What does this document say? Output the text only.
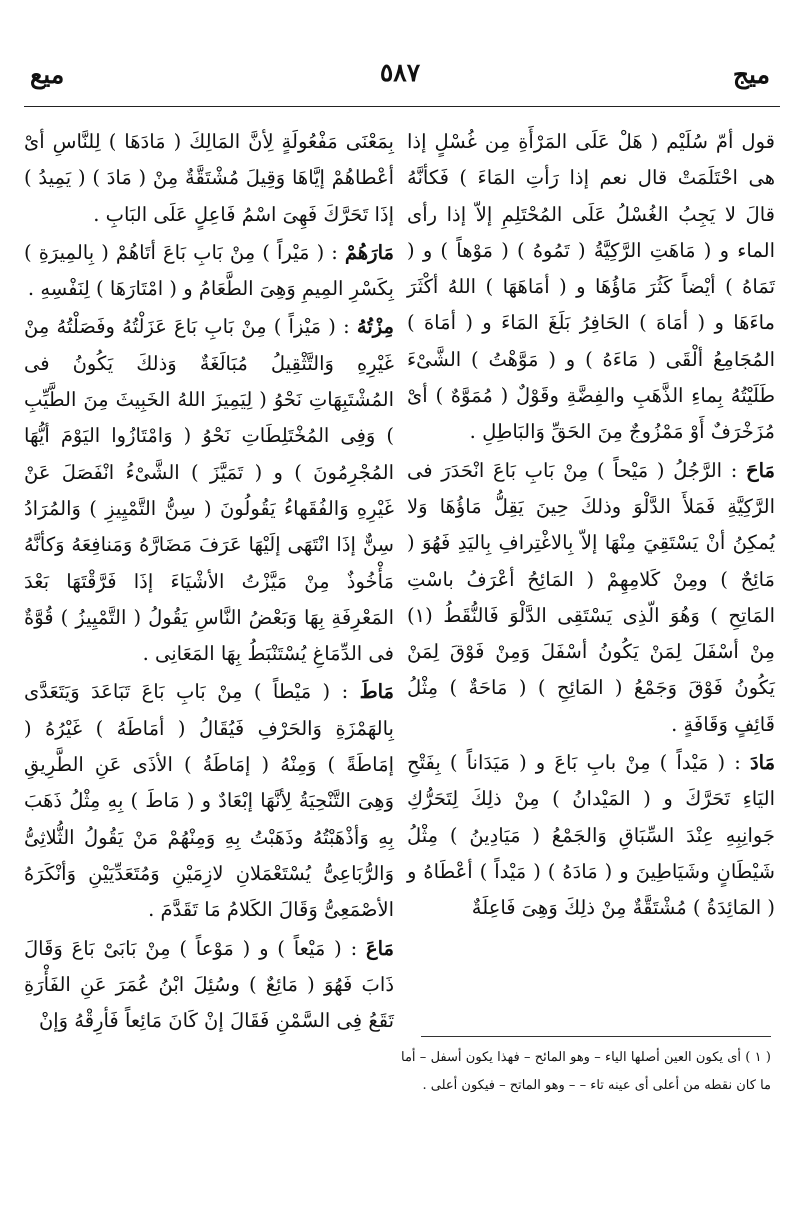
ميج
٥٨٧
ميع

قول أمّ سُلَيْم ( هَلْ عَلَى المَرْأَةِ مِن غُسْلٍ إذا هى احْتَلَمَتْ قال نعم إذا رَأتِ المَاءَ ) فَكأنَّهُ قالَ لا يَجِبُ الغُسْلُ عَلَى المُحْتَلِمِ إلاّ إذا رأى الماء و ( مَاهَتِ الرَّكِيَّةُ ( تَمُوهُ ) ( مَوْهاً ) و ( تَمَاهُ ) أيْضاً كَثُرَ مَاؤُهَا و ( أمَاهَهَا ) اللهُ أكْثَرَ ماءَهَا و ( أمَاهَ ) الحَافِرُ بَلَغَ المَاءَ و ( أمَاهَ ) المُجَامِعُ ألْقَى ( مَاءَهُ ) و ( مَوَّهْتُ ) الشَّىْءَ طَلَيْتُهُ بِماءِ الذَّهَبِ والفِضَّةِ وقَوْلٌ ( مُمَوَّهٌ ) أىْ مُزَخْرَفٌ أَوْ مَمْزُوجٌ مِنَ الحَقِّ وَالبَاطِلِ .

مَاحَ : الرَّجُلُ ( مَيْحاً ) مِنْ بَابِ بَاعَ انْحَدَرَ فى الرَّكِيَّةِ فَمَلأَ الدَّلْوَ وذلكَ حِينَ يَقِلُّ مَاؤُهَا وَلا يُمكِنُ أنْ يَسْتَقِيَ مِنْهَا إلاّ بِالاغْتِرافِ بِاليَدِ فَهُوَ ( مَائِحٌ ) ومِنْ كَلامِهِمْ ( المَائِحُ أعْرَفُ باسْتِ المَاتِحِ ) وَهُوَ الّذِى يَسْتَقِى الدَّلْوَ فَالنُّقَطُ (١) مِنْ أسْفَلَ لِمَنْ يَكُونُ أسْفَلَ وَمِنْ فَوْقَ لِمَنْ يَكُونُ فَوْقَ وَجَمْعُ ( المَائِحِ ) ( مَاحَةٌ ) مِثْلُ قَائِفٍ وَقَافَةٍ .

مَادَ : ( مَيْداً ) مِنْ بابِ بَاعَ و ( مَيَدَاناً ) بِفَتْحِ اليَاءِ تَحَرَّكَ و ( المَيْدانُ ) مِنْ ذلِكَ لِتَحَرُّكِ جَوانِبِهِ عِنْدَ السِّبَاقِ وَالجَمْعُ ( مَيَادِينُ ) مِثْلُ شَيْطَانٍ وشَيَاطِينَ و ( مَادَهُ ) ( مَيْداً ) أعْطَاهُ و ( المَائِدَةُ ) مُشْتَقَّةٌ مِنْ ذلِكَ وَهِىَ فَاعِلَةٌ

( ١ ) أى يكون العين أصلها الياء – وهو المائح – فهذا يكون أسفل – أما ما كان نقطه من أعلى أى عينه تاء – – وهو الماتح – فيكون أعلى .

بِمَعْنَى مَفْعُولَةٍ لِأنَّ المَالِكَ ( مَادَهَا ) لِلنَّاسِ أىْ أعْطاهُمْ إيَّاهَا وَقِيلَ مُشْتَقَّةٌ مِنْ ( مَادَ ) ( يَمِيدُ ) إذَا تَحَرَّكَ فَهِىَ اسْمُ فَاعِلٍ عَلَى البَابِ .

مَارَهُمْ : ( مَيْراً ) مِنْ بَابِ بَاعَ أتَاهُمْ ( بِالمِيرَةِ ) بِكَسْرِ المِيمِ وَهِىَ الطَّعَامُ و ( امْتَارَهَا ) لِنَفْسِهِ .

مِزْتُهُ : ( مَيْزاً ) مِنْ بَابِ بَاعَ عَزَلْتُهُ وفَصَلْتُهُ مِنْ غَيْرِهِ وَالتَّثْقِيلُ مُبَالَغَةٌ وَذلكَ يَكُونُ فى المُشْتَبِهَاتِ نَحْوُ ( لِيَمِيزَ اللهُ الخَبِيثَ مِنَ الطَّيِّبِ ) وَفِى المُخْتَلِطَاتِ نَحْوُ ( وَامْتَازُوا اليَوْمَ أيُّهَا المُجْرِمُونَ ) و ( تَمَيَّزَ ) الشَّىْءُ انْفَصَلَ عَنْ غَيْرِهِ وَالفُقَهاءُ يَقُولُونَ ( سِنُّ التَّمْيِيزِ ) وَالمُرَادُ سِنٌّ إذَا انْتَهَى إلَيْهَا عَرَفَ مَضَارَّهُ وَمَنافِعَهُ وَكأنَّهُ مَأْخُوذٌ مِنْ مَيَّزْتُ الأشْيَاءَ إذَا فَرَّقْتَهَا بَعْدَ المَعْرِفَةِ بِهَا وَبَعْضُ النَّاسِ يَقُولُ ( التَّمْيِيزُ ) قُوَّةٌ فى الدِّمَاغِ يُسْتَنْبَطُ بِهَا المَعَانِى .

مَاطَ : ( مَيْطاً ) مِنْ بَابِ بَاعَ تَبَاعَدَ وَيَتَعَدَّى بِالهَمْزَةِ وَالحَرْفِ فَيُقَالُ ( أمَاطَهُ ) غَيْرُهُ ( إمَاطَةً ) وَمِنْهُ ( إمَاطَةُ ) الأذَى عَنِ الطَّرِيقِ وَهِىَ التَّنْحِيَةُ لِأنَّهَا إبْعَادٌ و ( مَاطَ ) بِهِ مِثْلُ ذَهَبَ بِهِ وَأذْهَبْتُهُ وذَهَبْتُ بِهِ وَمِنْهُمْ مَنْ يَقُولُ الثُّلاثِىُّ وَالرُّبَاعِىُّ يُسْتَعْمَلانِ لازِمَيْنِ وَمُتَعَدِّيَيْنِ وَأنْكَرَهُ الأصْمَعِىُّ وَقَالَ الكَلامُ مَا تَقَدَّمَ .

مَاعَ : ( مَيْعاً ) و ( مَوْعاً ) مِنْ بَابَىْ بَاعَ وَقَالَ ذَابَ فَهُوَ ( مَائِعٌ ) وسُئِلَ ابْنُ عُمَرَ عَنِ الفَأْرَةِ تَقَعُ فِى السَّمْنِ فَقَالَ إنْ كَانَ مَائِعاً فَأرِقْهُ وَإنْ
